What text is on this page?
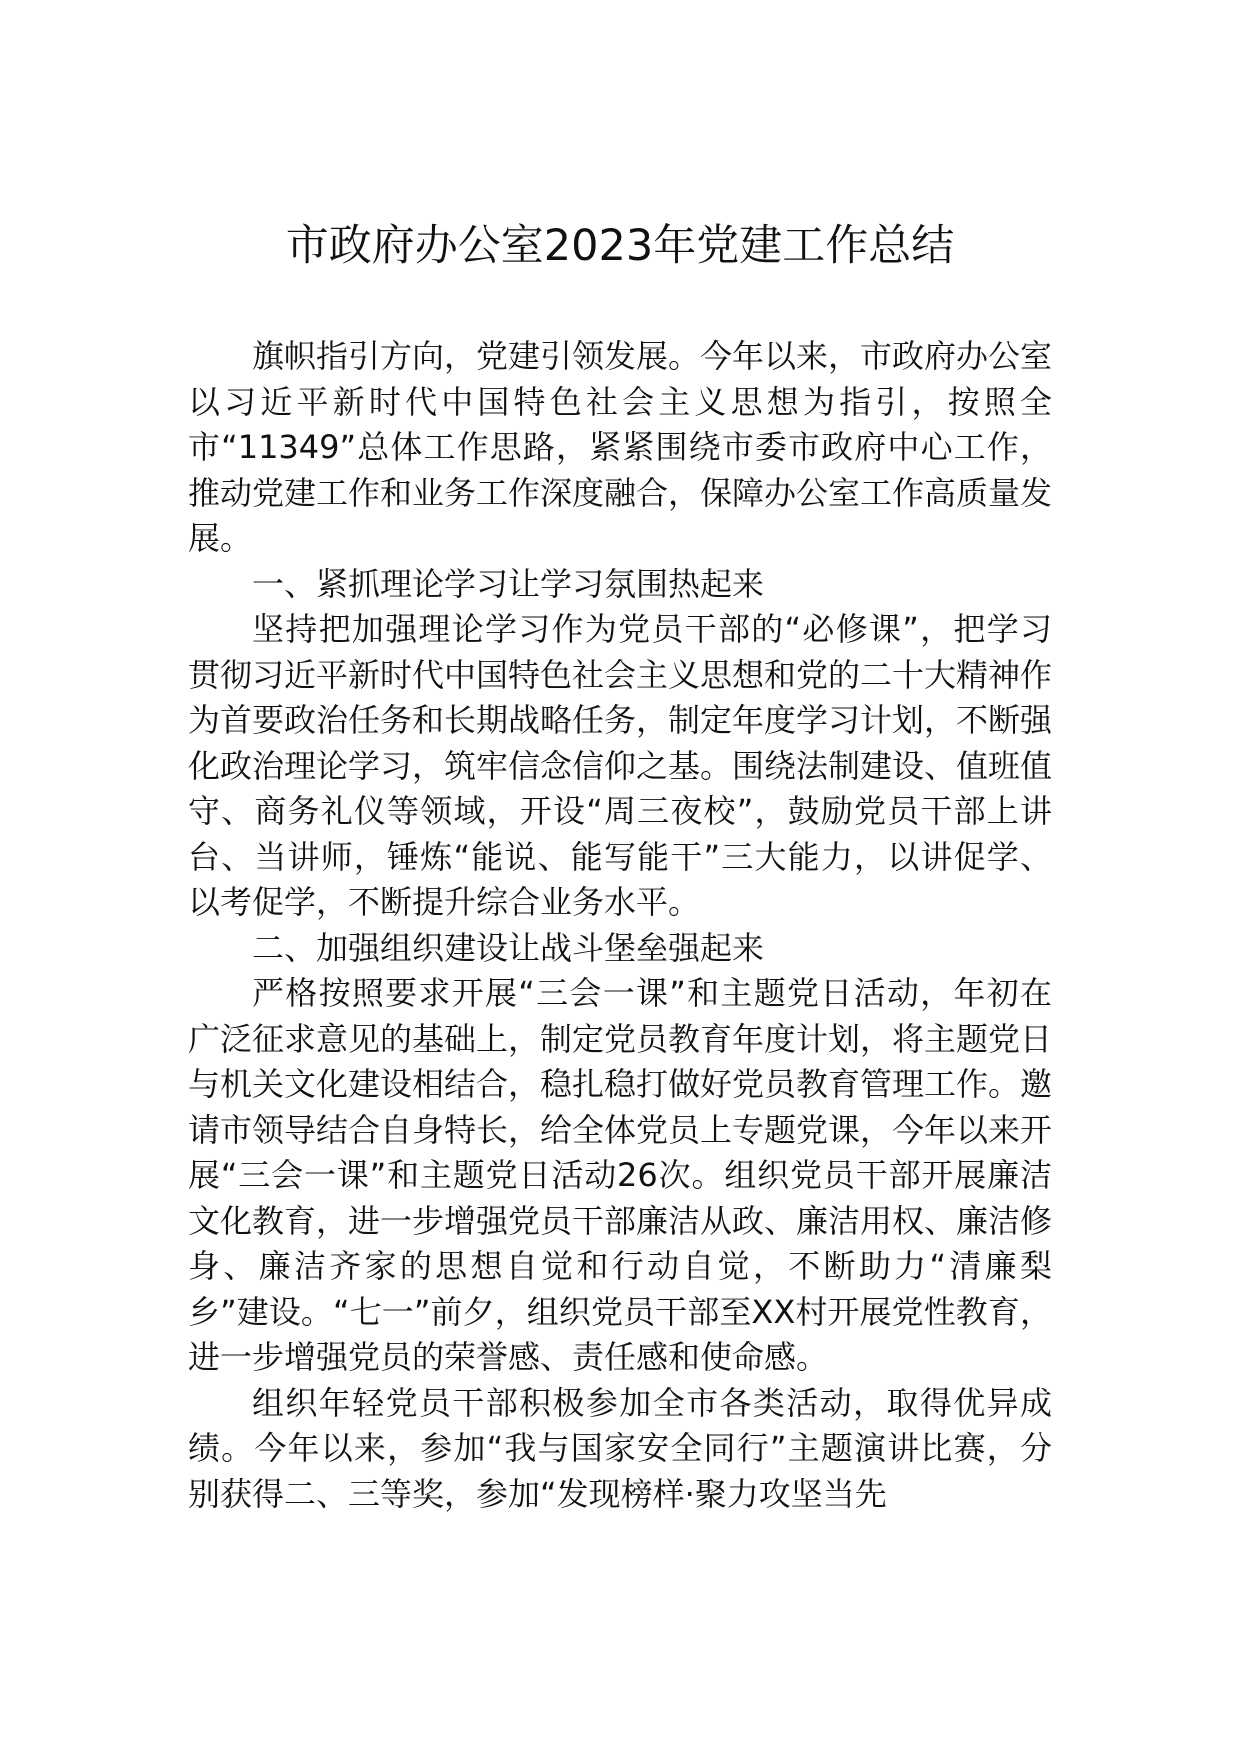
市政府办公室2023年党建工作总结

旗帜指引方向，党建引领发展。今年以来，市政府办公室以习近平新时代中国特色社会主义思想为指引，按照全市“11349”总体工作思路，紧紧围绕市委市政府中心工作，推动党建工作和业务工作深度融合，保障办公室工作高质量发展。

一、紧抓理论学习让学习氛围热起来

坚持把加强理论学习作为党员干部的“必修课”，把学习贯彻习近平新时代中国特色社会主义思想和党的二十大精神作为首要政治任务和长期战略任务，制定年度学习计划，不断强化政治理论学习，筑牢信念信仰之基。围绕法制建设、值班值守、商务礼仪等领域，开设“周三夜校”，鼓励党员干部上讲台、当讲师，锤炼“能说、能写能干”三大能力，以讲促学、以考促学，不断提升综合业务水平。

二、加强组织建设让战斗堡垒强起来

严格按照要求开展“三会一课”和主题党日活动，年初在广泛征求意见的基础上，制定党员教育年度计划，将主题党日与机关文化建设相结合，稳扎稳打做好党员教育管理工作。邀请市领导结合自身特长，给全体党员上专题党课，今年以来开展“三会一课”和主题党日活动26次。组织党员干部开展廉洁文化教育，进一步增强党员干部廉洁从政、廉洁用权、廉洁修身、廉洁齐家的思想自觉和行动自觉，不断助力“清廉梨乡”建设。“七一”前夕，组织党员干部至XX村开展党性教育，进一步增强党员的荣誉感、责任感和使命感。

组织年轻党员干部积极参加全市各类活动，取得优异成绩。今年以来，参加“我与国家安全同行”主题演讲比赛，分别获得二、三等奖，参加“发现榜样·聚力攻坚当先
